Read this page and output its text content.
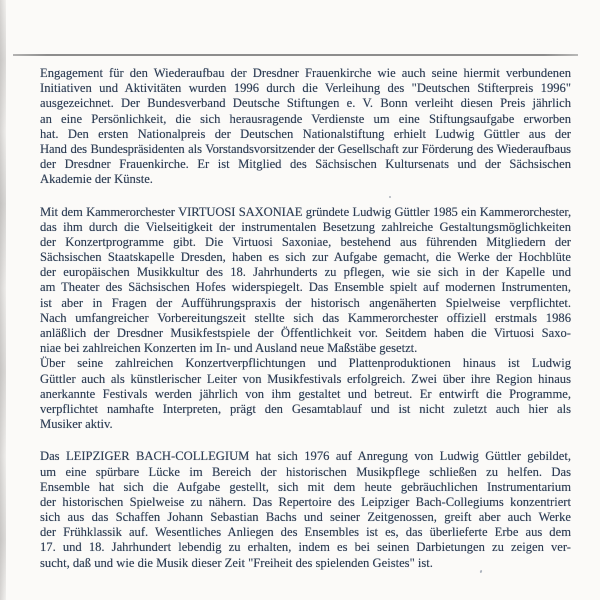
Engagement für den Wiederaufbau der Dresdner Frauenkirche wie auch seine hiermit verbundenen
Initiativen und Aktivitäten wurden 1996 durch die Verleihung des "Deutschen Stifterpreis 1996"
ausgezeichnet. Der Bundesverband Deutsche Stiftungen e. V. Bonn verleiht diesen Preis jährlich
an eine Persönlichkeit, die sich herausragende Verdienste um eine Stiftungsaufgabe erworben
hat. Den ersten Nationalpreis der Deutschen Nationalstiftung erhielt Ludwig Güttler aus der
Hand des Bundespräsidenten als Vorstandsvorsitzender der Gesellschaft zur Förderung des Wiederaufbaus
der Dresdner Frauenkirche. Er ist Mitglied des Sächsischen Kultursenats und der Sächsischen
Akademie der Künste.
Mit dem Kammerorchester VIRTUOSI SAXONIAE gründete Ludwig Güttler 1985 ein Kammerorchester,
das ihm durch die Vielseitigkeit der instrumentalen Besetzung zahlreiche Gestaltungsmöglichkeiten
der Konzertprogramme gibt. Die Virtuosi Saxoniae, bestehend aus führenden Mitgliedern der
Sächsischen Staatskapelle Dresden, haben es sich zur Aufgabe gemacht, die Werke der Hochblüte
der europäischen Musikkultur des 18. Jahrhunderts zu pflegen, wie sie sich in der Kapelle und
am Theater des Sächsischen Hofes widerspiegelt. Das Ensemble spielt auf modernen Instrumenten,
ist aber in Fragen der Aufführungspraxis der historisch angenäherten Spielweise verpflichtet.
Nach umfangreicher Vorbereitungszeit stellte sich das Kammerorchester offiziell erstmals 1986
anläßlich der Dresdner Musikfestspiele der Öffentlichkeit vor. Seitdem haben die Virtuosi Saxo-
niae bei zahlreichen Konzerten im In- und Ausland neue Maßstäbe gesetzt.
Über seine zahlreichen Konzertverpflichtungen und Plattenproduktionen hinaus ist Ludwig
Güttler auch als künstlerischer Leiter von Musikfestivals erfolgreich. Zwei über ihre Region hinaus
anerkannte Festivals werden jährlich von ihm gestaltet und betreut. Er entwirft die Programme,
verpflichtet namhafte Interpreten, prägt den Gesamtablauf und ist nicht zuletzt auch hier als
Musiker aktiv.
Das LEIPZIGER BACH-COLLEGIUM hat sich 1976 auf Anregung von Ludwig Güttler gebildet,
um eine spürbare Lücke im Bereich der historischen Musikpflege schließen zu helfen. Das
Ensemble hat sich die Aufgabe gestellt, sich mit dem heute gebräuchlichen Instrumentarium
der historischen Spielweise zu nähern. Das Repertoire des Leipziger Bach-Collegiums konzentriert
sich aus das Schaffen Johann Sebastian Bachs und seiner Zeitgenossen, greift aber auch Werke
der Frühklassik auf. Wesentliches Anliegen des Ensembles ist es, das überlieferte Erbe aus dem
17. und 18. Jahrhundert lebendig zu erhalten, indem es bei seinen Darbietungen zu zeigen ver-
sucht, daß und wie die Musik dieser Zeit "Freiheit des spielenden Geistes" ist.
